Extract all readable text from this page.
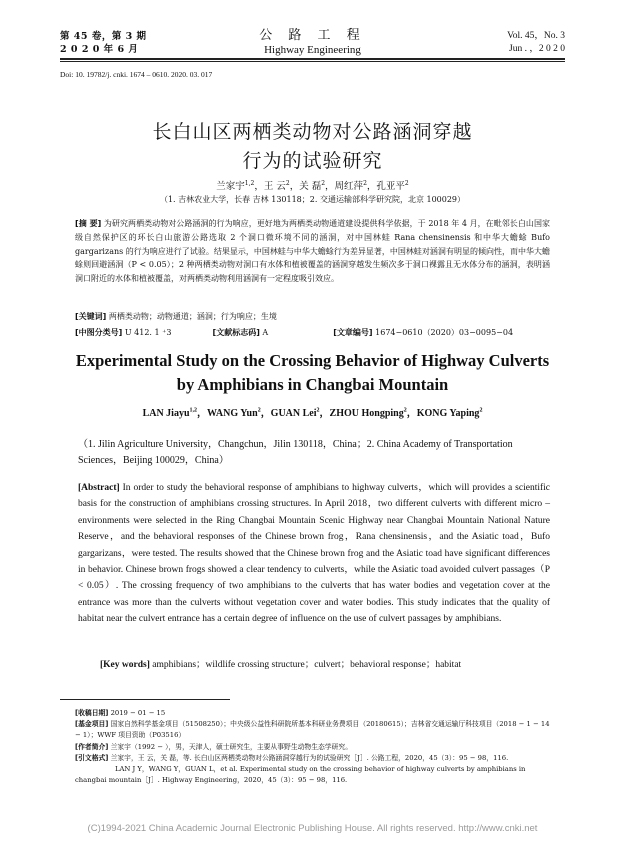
第 45 卷，第 3 期
2 0 2 0 年 6 月
公 路 工 程
Highway Engineering
Vol. 45，No. 3
Jun . ，2 0 2 0
Doi: 10. 19782/j. cnki. 1674 – 0610. 2020. 03. 017
长白山区两栖类动物对公路涵洞穿越
行为的试验研究
兰家宇$^{1,2}$，王 云$^2$，关 磊$^2$，周红萍$^2$，孔亚平$^2$
（1. 吉林农业大学，长春 吉林 130118；2. 交通运输部科学研究院，北京 100029）
[摘 要] 为研究两栖类动物对公路涵洞的行为响应，更好地为两栖类动物通道建设提供科学依据，于 2018 年 4 月，在毗邻长白山国家级自然保护区的环长白山旅游公路选取 2 个洞口微环境不同的涵洞，对中国林蛙 Rana chensinensis 和中华大蟾蜍 Bufo gargarizans 的行为响应进行了试验。结果显示，中国林蛙与中华大蟾蜍行为差异显著，中国林蛙对涵洞有明显的倾向性，而中华大蟾蜍则回避涵洞（P < 0.05）；2 种两栖类动物对洞口有水体和植被覆盖的涵洞穿越发生频次多于洞口裸露且无水体分布的涵洞，表明涵洞口附近的水体和植被覆盖，对两栖类动物利用涵洞有一定程度吸引效应。
[关键词] 两栖类动物；动物通道；涵洞；行为响应；生境
[中图分类号] U 412. 1 ⁺3	[文献标志码] A	[文章编号] 1674−0610（2020）03−0095−04
Experimental Study on the Crossing Behavior of Highway Culverts
by Amphibians in Changbai Mountain
LAN Jiayu$^{1,2}$，WANG Yun$^2$，GUAN Lei$^2$，ZHOU Hongping$^2$，KONG Yaping$^2$
（1. Jilin Agriculture University，Changchun，Jilin 130118，China；2. China Academy of Transportation Sciences，Beijing 100029，China）
[Abstract] In order to study the behavioral response of amphibians to highway culverts，which will provides a scientific basis for the construction of amphibians crossing structures. In April 2018，two different culverts with different micro – environments were selected in the Ring Changbai Mountain Scenic Highway near Changbai Mountain National Nature Reserve，and the behavioral responses of the Chinese brown frog，Rana chensinensis，and the Asiatic toad，Bufo gargarizans，were tested. The results showed that the Chinese brown frog and the Asiatic toad have significant differences in behavior. Chinese brown frogs showed a clear tendency to culverts，while the Asiatic toad avoided culvert passages（P < 0.05）. The crossing frequency of two amphibians to the culverts that has water bodies and vegetation cover at the entrance was more than the culverts without vegetation cover and water bodies. This study indicates that the quality of habitat near the culvert entrance has a certain degree of influence on the use of culvert passages by amphibians.
[Key words] amphibians；wildlife crossing structure；culvert；behavioral response；habitat
[收稿日期] 2019 − 01 − 15
[基金项目] 国家自然科学基金项目（51508250）；中央级公益性科研院所基本科研业务费项目（20180615）；吉林省交通运输厅科技项目（2018 − 1 − 14 − 1）；WWF 项目资助（P03516）
[作者简介] 兰家宇（1992 − ），男，天津人，硕士研究生，主要从事野生动物生态学研究。
[引文格式] 兰家宇，王 云，关 磊，等. 长白山区两栖类动物对公路涵洞穿越行为的试验研究［J］. 公路工程，2020，45（3）：95 − 98，116.
LAN J Y，WANG Y，GUAN L，et al. Experimental study on the crossing behavior of highway culverts by amphibians in changbai mountain［J］. Highway Engineering，2020，45（3）：95 − 98，116.
(C)1994-2021 China Academic Journal Electronic Publishing House. All rights reserved. http://www.cnki.net
